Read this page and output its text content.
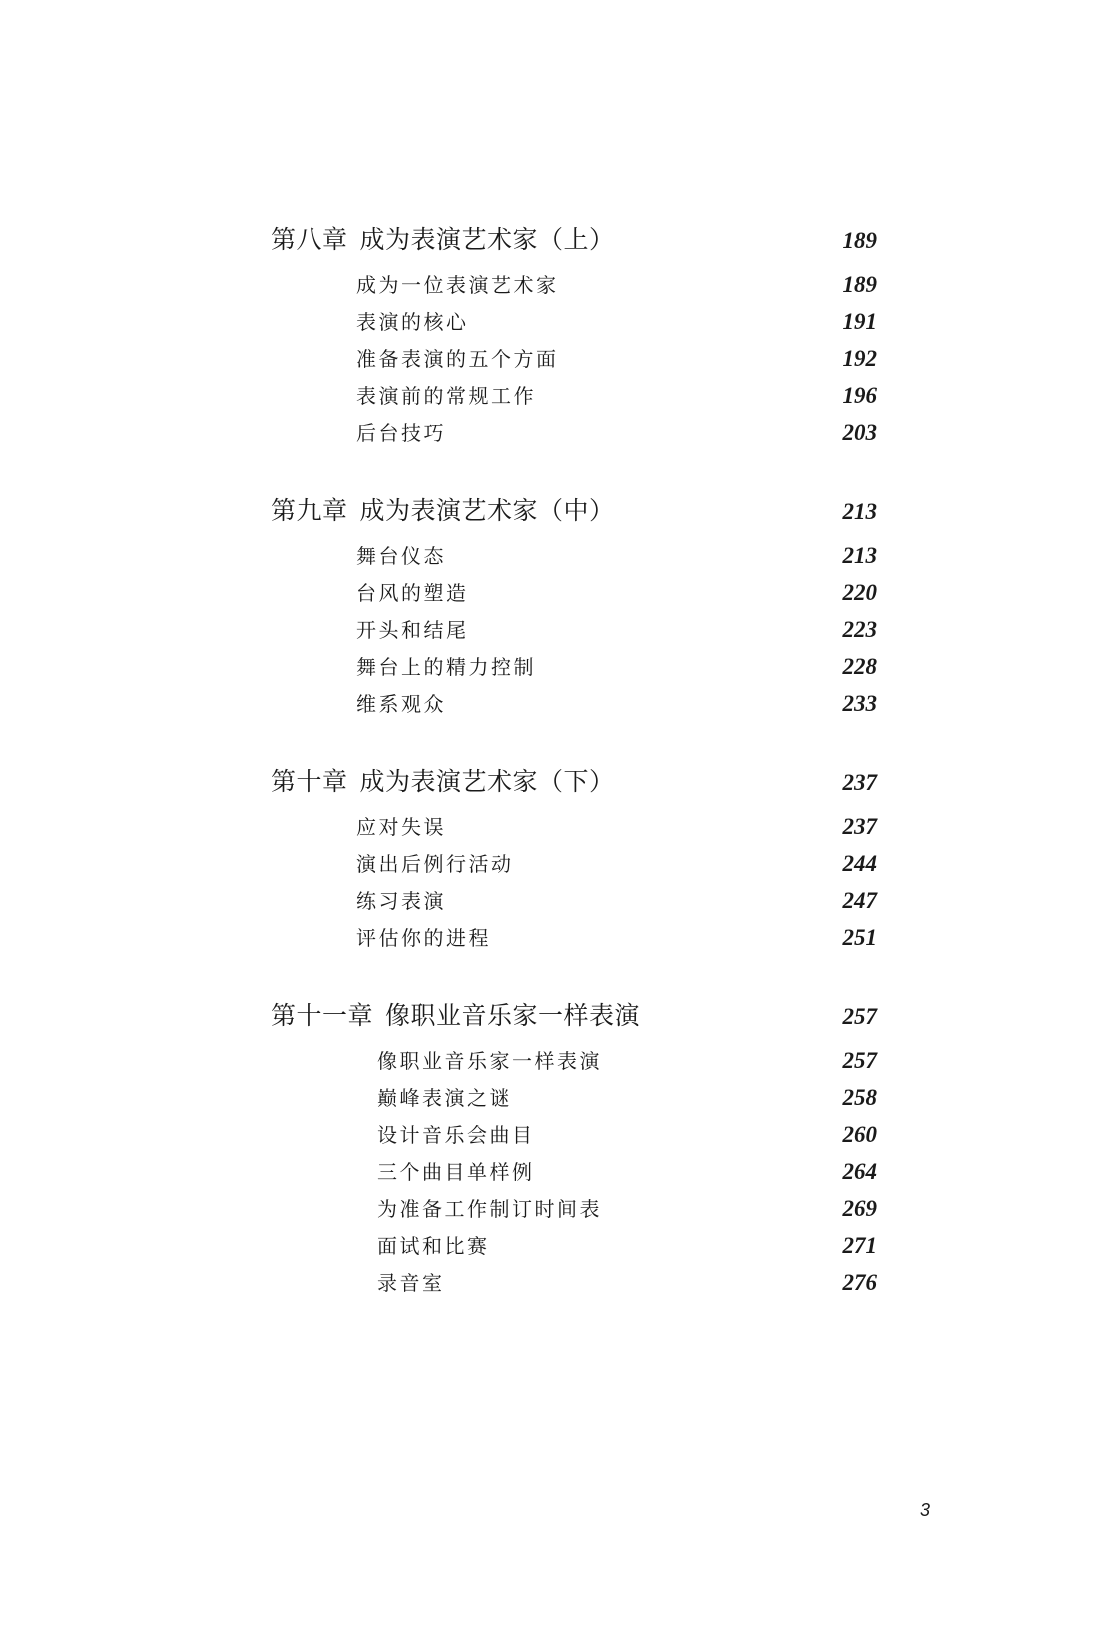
第八章 成为表演艺术家（上）	189
成为一位表演艺术家	189
表演的核心	191
准备表演的五个方面	192
表演前的常规工作	196
后台技巧	203
第九章 成为表演艺术家（中）	213
舞台仪态	213
台风的塑造	220
开头和结尾	223
舞台上的精力控制	228
维系观众	233
第十章 成为表演艺术家（下）	237
应对失误	237
演出后例行活动	244
练习表演	247
评估你的进程	251
第十一章 像职业音乐家一样表演	257
像职业音乐家一样表演	257
巅峰表演之谜	258
设计音乐会曲目	260
三个曲目单样例	264
为准备工作制订时间表	269
面试和比赛	271
录音室	276
3
